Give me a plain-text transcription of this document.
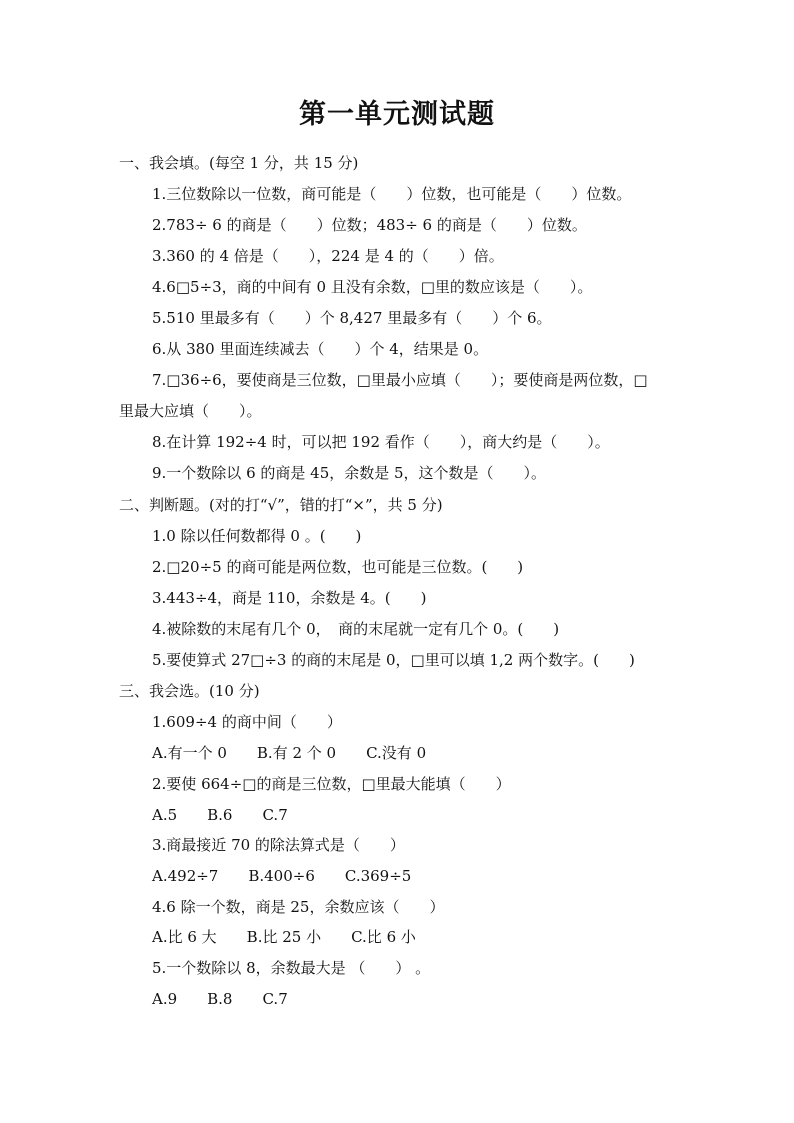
第一单元测试题
一、我会填。(每空 1 分，共 15 分)
1.三位数除以一位数，商可能是（　　）位数，也可能是（　　）位数。
2.783÷ 6 的商是（　　）位数；483÷ 6 的商是（　　）位数。
3.360 的 4 倍是（　　），224 是 4 的（　　）倍。
4.6□5÷3，商的中间有 0 且没有余数，□里的数应该是（　　）。
5.510 里最多有（　　）个 8,427 里最多有（　　）个 6。
6.从 380 里面连续减去（　　）个 4，结果是 0。
7.□36÷6，要使商是三位数，□里最小应填（　　）；要使商是两位数，□
里最大应填（　　）。
8.在计算 192÷4 时，可以把 192 看作（　　），商大约是（　　）。
9.一个数除以 6 的商是 45，余数是 5，这个数是（　　）。
二、判断题。(对的打“√”，错的打“×”，共 5 分)
1.0 除以任何数都得 0 。(　　)
2.□20÷5 的商可能是两位数，也可能是三位数。(　　)
3.443÷4，商是 110，余数是 4。(　　)
4.被除数的末尾有几个 0，　商的末尾就一定有几个 0。(　　)
5.要使算式 27□÷3 的商的末尾是 0，□里可以填 1,2 两个数字。(　　)
三、我会选。(10 分)
1.609÷4 的商中间（　　）
A.有一个 0　　B.有 2 个 0　　C.没有 0
2.要使 664÷□的商是三位数，□里最大能填（　　）
A.5　　B.6　　C.7
3.商最接近 70 的除法算式是（　　）
A.492÷7　　B.400÷6　　C.369÷5
4.6 除一个数，商是 25，余数应该（　　）
A.比 6 大　　B.比 25 小　　C.比 6 小
5.一个数除以 8，余数最大是 （　　） 。
A.9　　B.8　　C.7
